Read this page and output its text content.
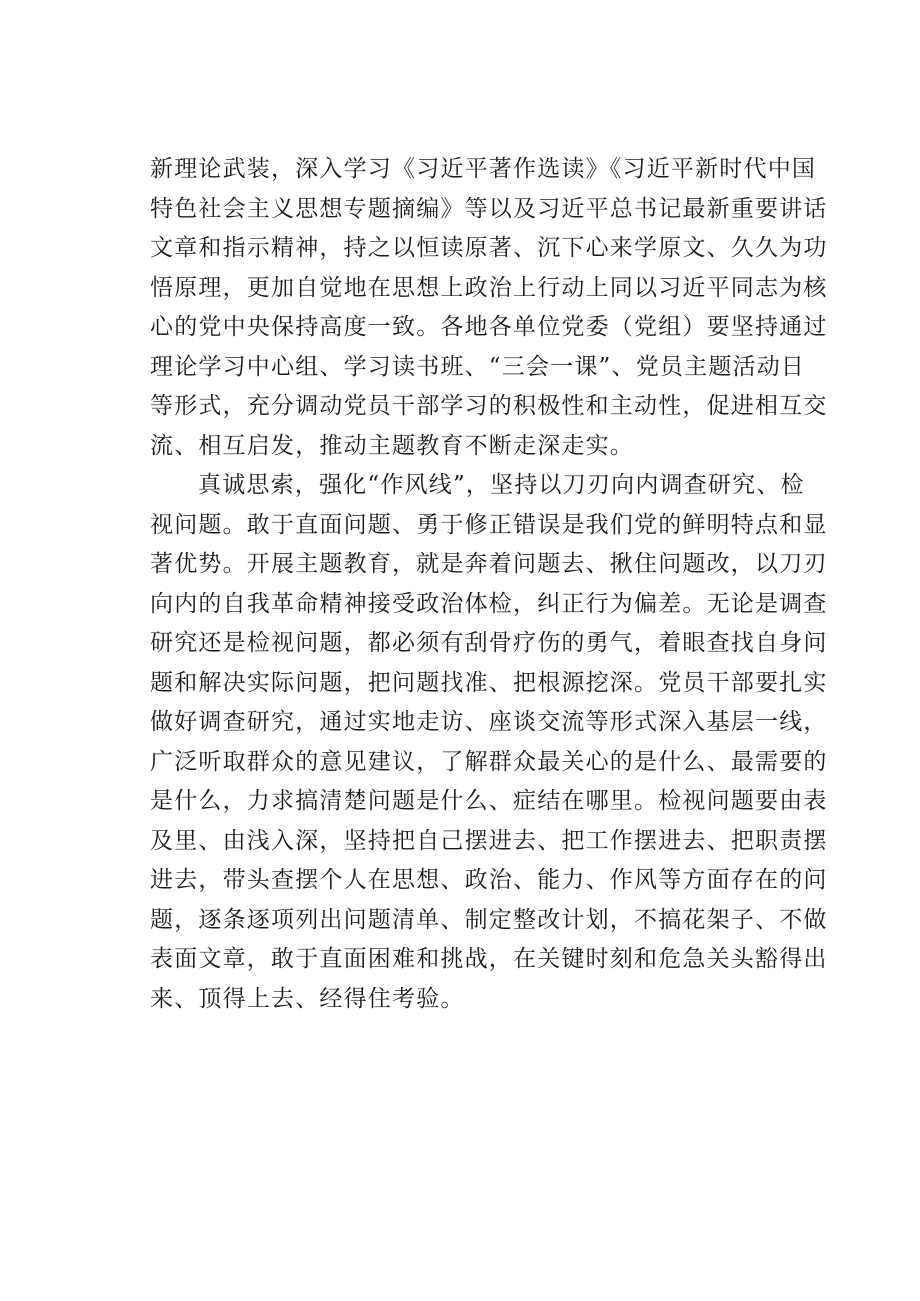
新理论武装，深入学习《习近平著作选读》《习近平新时代中国
特色社会主义思想专题摘编》等以及习近平总书记最新重要讲话
文章和指示精神，持之以恒读原著、沉下心来学原文、久久为功
悟原理，更加自觉地在思想上政治上行动上同以习近平同志为核
心的党中央保持高度一致。各地各单位党委（党组）要坚持通过
理论学习中心组、学习读书班、“三会一课”、党员主题活动日
等形式，充分调动党员干部学习的积极性和主动性，促进相互交
流、相互启发，推动主题教育不断走深走实。
真诚思索，强化“作风线”，坚持以刀刃向内调查研究、检
视问题。敢于直面问题、勇于修正错误是我们党的鲜明特点和显
著优势。开展主题教育，就是奔着问题去、揪住问题改，以刀刃
向内的自我革命精神接受政治体检，纠正行为偏差。无论是调查
研究还是检视问题，都必须有刮骨疗伤的勇气，着眼查找自身问
题和解决实际问题，把问题找准、把根源挖深。党员干部要扎实
做好调查研究，通过实地走访、座谈交流等形式深入基层一线，
广泛听取群众的意见建议，了解群众最关心的是什么、最需要的
是什么，力求搞清楚问题是什么、症结在哪里。检视问题要由表
及里、由浅入深，坚持把自己摆进去、把工作摆进去、把职责摆
进去，带头查摆个人在思想、政治、能力、作风等方面存在的问
题，逐条逐项列出问题清单、制定整改计划，不搞花架子、不做
表面文章，敢于直面困难和挑战，在关键时刻和危急关头豁得出
来、顶得上去、经得住考验。
